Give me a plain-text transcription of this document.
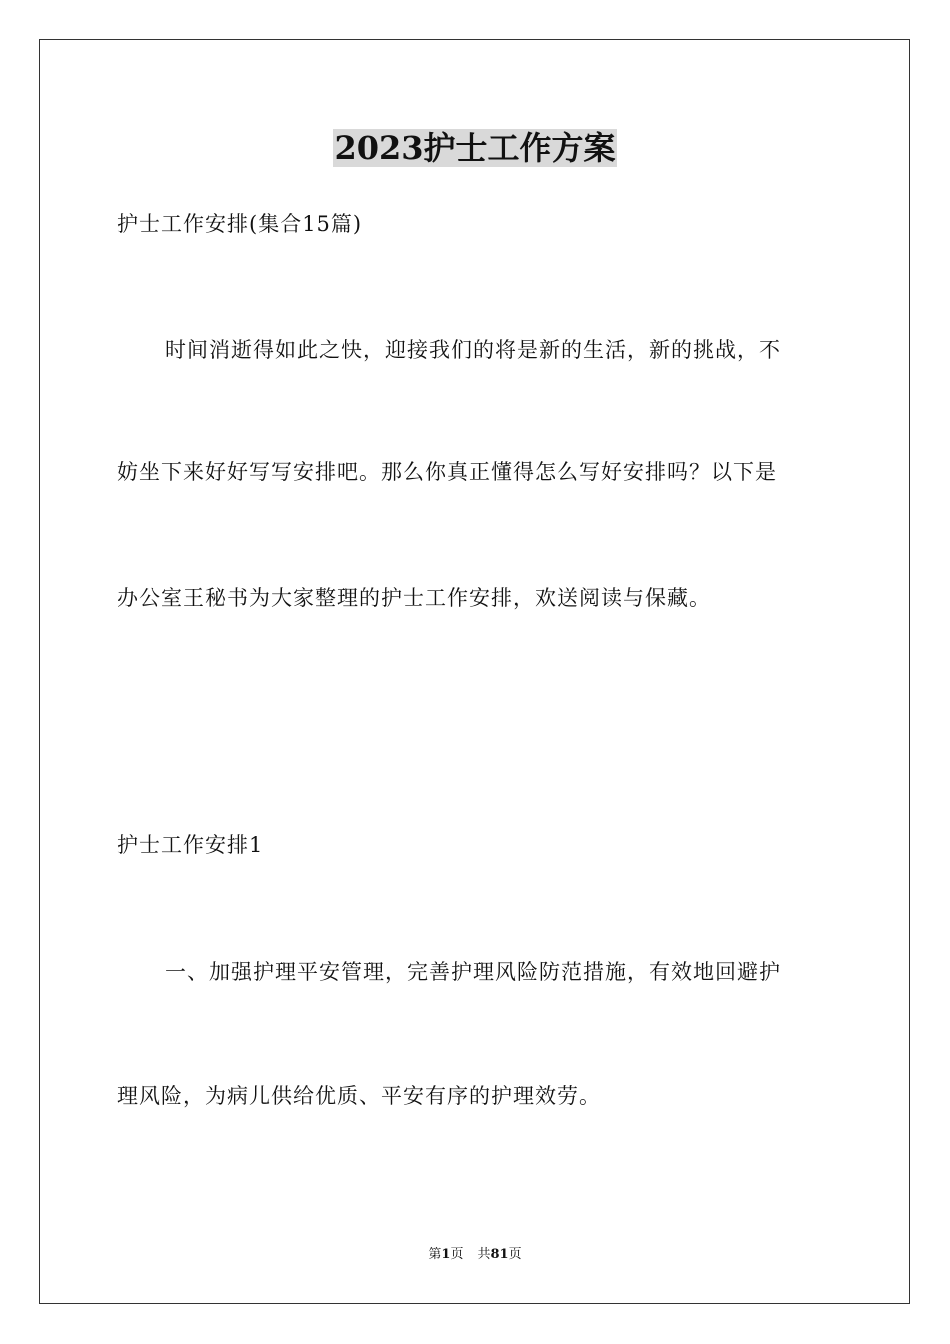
2023护士工作方案
护士工作安排(集合15篇)
时间消逝得如此之快，迎接我们的将是新的生活，新的挑战，不
妨坐下来好好写写安排吧。那么你真正懂得怎么写好安排吗？以下是
办公室王秘书为大家整理的护士工作安排，欢送阅读与保藏。
护士工作安排1
一、加强护理平安管理，完善护理风险防范措施，有效地回避护
理风险，为病儿供给优质、平安有序的护理效劳。
第1页 共81页
